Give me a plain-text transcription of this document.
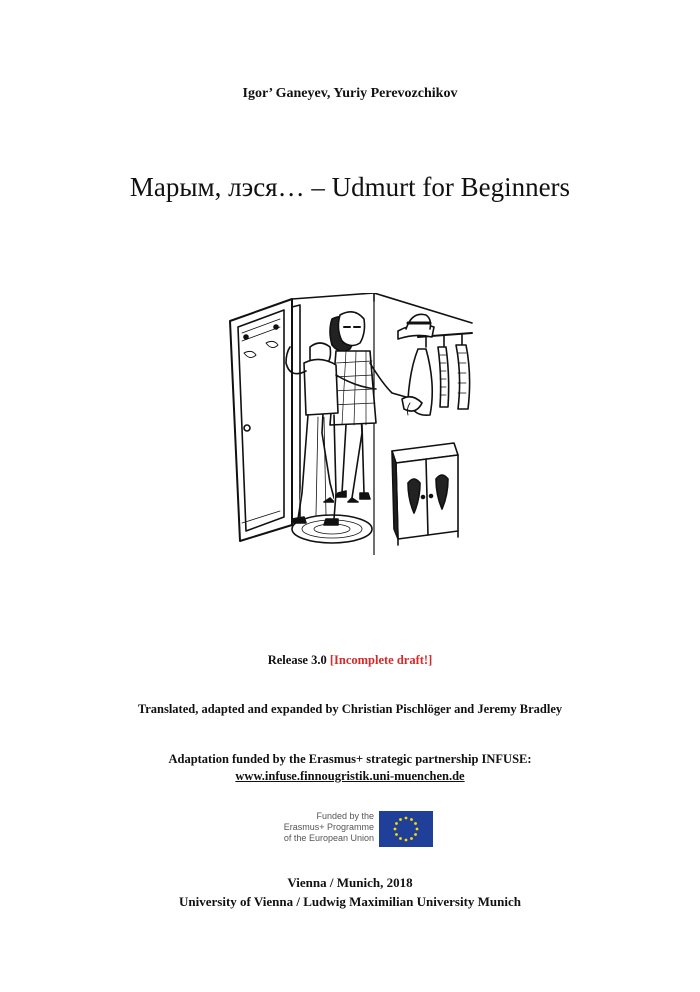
Igor’ Ganeyev, Yuriy Perevozchikov
Марым, лэся… – Udmurt for Beginners
Release 3.0 [Incomplete draft!]
Translated, adapted and expanded by Christian Pischlöger and Jeremy Bradley
Adaptation funded by the Erasmus+ strategic partnership INFUSE:
www.infuse.finnougristik.uni-muenchen.de
Funded by the
Erasmus+ Programme
of the European Union
Vienna / Munich, 2018
University of Vienna / Ludwig Maximilian University Munich
